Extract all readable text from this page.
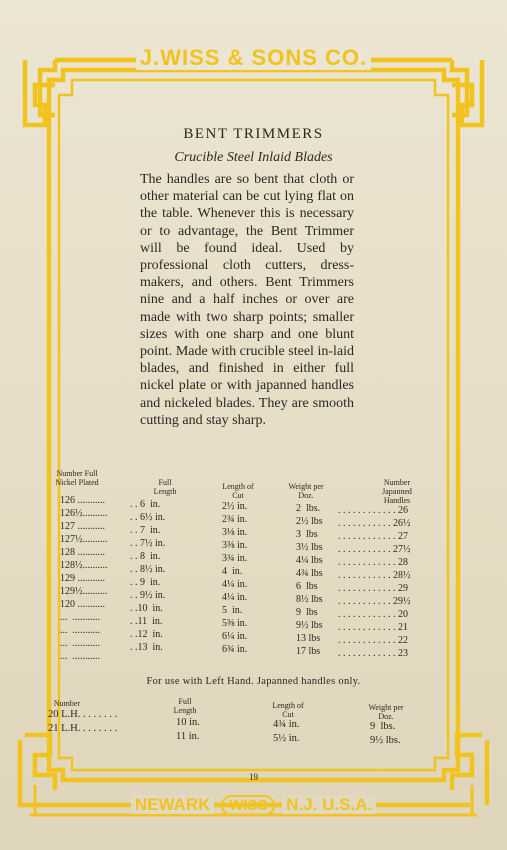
J.WISS & SONS CO.
BENT TRIMMERS
Crucible Steel Inlaid Blades
The handles are so bent that cloth or other material can be cut lying flat on the table. Whenever this is necessary or to advantage, the Bent Trimmer will be found ideal. Used by professional cloth cutters, dress-makers, and others. Bent Trimmers nine and a half inches or over are made with two sharp points; smaller sizes with one sharp and one blunt point. Made with crucible steel in-laid blades, and finished in either full nickel plate or with japanned handles and nickeled blades. They are smooth cutting and stay sharp.
Number Full Nickel Plated	Full Length
Length of Cut
Weight per Doz.
Number Japanned Handles
126 ...........
126½..........
127 ...........
127½..........
128 ...........
128½..........
129 ...........
129½..........
120 ...........
...  ...........
...  ...........
...  ...........
...  ...........
. . 6  in.
. . 6½ in.
. . 7  in.
. . 7½ in.
. . 8  in.
. . 8½ in.
. . 9  in.
. . 9½ in.
. .10  in.
. .11  in.
. .12  in.
. .13  in.
2½ in.
2¾ in.
3⅛ in.
3⅜ in.
3¾ in.
4  in.
4¼ in.
4¼ in.
5  in.
5⅜ in.
6¼ in.
6¾ in.
2  lbs.
2½ lbs
3  lbs
3½ lbs
4¼ lbs
4¾ lbs
6  lbs
8½ lbs
9  lbs
9½ lbs
13 lbs
17 lbs
. . . . . . . . . . . . 26
. . . . . . . . . . . 26½
. . . . . . . . . . . . 27
. . . . . . . . . . . 27½
. . . . . . . . . . . . 28
. . . . . . . . . . . 28½
. . . . . . . . . . . . 29
. . . . . . . . . . . 29½
. . . . . . . . . . . . 20
. . . . . . . . . . . . 21
. . . . . . . . . . . . 22
. . . . . . . . . . . . 23
For use with Left Hand. Japanned handles only.
Number	Full Length
Length of Cut
Weight per Doz.
20 L.H. . . . . . . .
21 L.H. . . . . . . .
10 in.
11 in.
4¾ in.
5½ in.
9  lbs.
9½ lbs.
19
NEWARK WISS N.J. U.S.A.
